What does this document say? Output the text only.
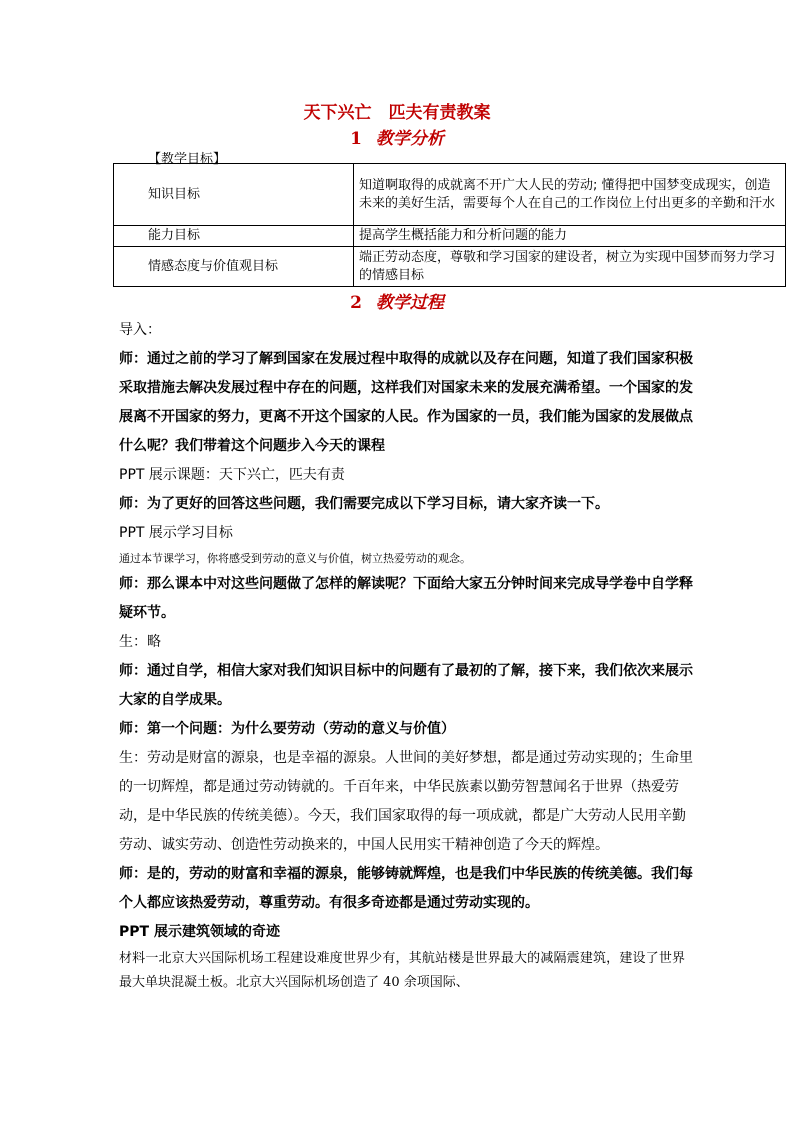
天下兴亡　匹夫有责教案
1 教学分析
【教学目标】
知识目标	知道啊取得的成就离不开广大人民的劳动; 懂得把中国梦变成现实，创造未来的美好生活，需要每个人在自己的工作岗位上付出更多的辛勤和汗水
能力目标	提高学生概括能力和分析问题的能力
情感态度与价值观目标	端正劳动态度，尊敬和学习国家的建设者，树立为实现中国梦而努力学习的情感目标
2 教学过程

导入：

师：通过之前的学习了解到国家在发展过程中取得的成就以及存在问题，知道了我们国家积极采取措施去解决发展过程中存在的问题，这样我们对国家未来的发展充满希望。一个国家的发展离不开国家的努力，更离不开这个国家的人民。作为国家的一员，我们能为国家的发展做点什么呢？我们带着这个问题步入今天的课程

PPT 展示课题：天下兴亡，匹夫有责

师：为了更好的回答这些问题，我们需要完成以下学习目标，请大家齐读一下。

PPT 展示学习目标

通过本节课学习，你将感受到劳动的意义与价值，树立热爱劳动的观念。

师：那么课本中对这些问题做了怎样的解读呢？下面给大家五分钟时间来完成导学卷中自学释疑环节。

生：略

师：通过自学，相信大家对我们知识目标中的问题有了最初的了解，接下来，我们依次来展示大家的自学成果。

师：第一个问题：为什么要劳动（劳动的意义与价值）

生：劳动是财富的源泉，也是幸福的源泉。人世间的美好梦想，都是通过劳动实现的；生命里的一切辉煌，都是通过劳动铸就的。千百年来，中华民族素以勤劳智慧闻名于世界（热爱劳动，是中华民族的传统美德）。今天，我们国家取得的每一项成就，都是广大劳动人民用辛勤劳动、诚实劳动、创造性劳动换来的，中国人民用实干精神创造了今天的辉煌。

师：是的，劳动的财富和幸福的源泉，能够铸就辉煌，也是我们中华民族的传统美德。我们每个人都应该热爱劳动，尊重劳动。有很多奇迹都是通过劳动实现的。

PPT 展示建筑领域的奇迹

材料一北京大兴国际机场工程建设难度世界少有，其航站楼是世界最大的减隔震建筑，建设了世界最大单块混凝土板。北京大兴国际机场创造了 40 余项国际、
